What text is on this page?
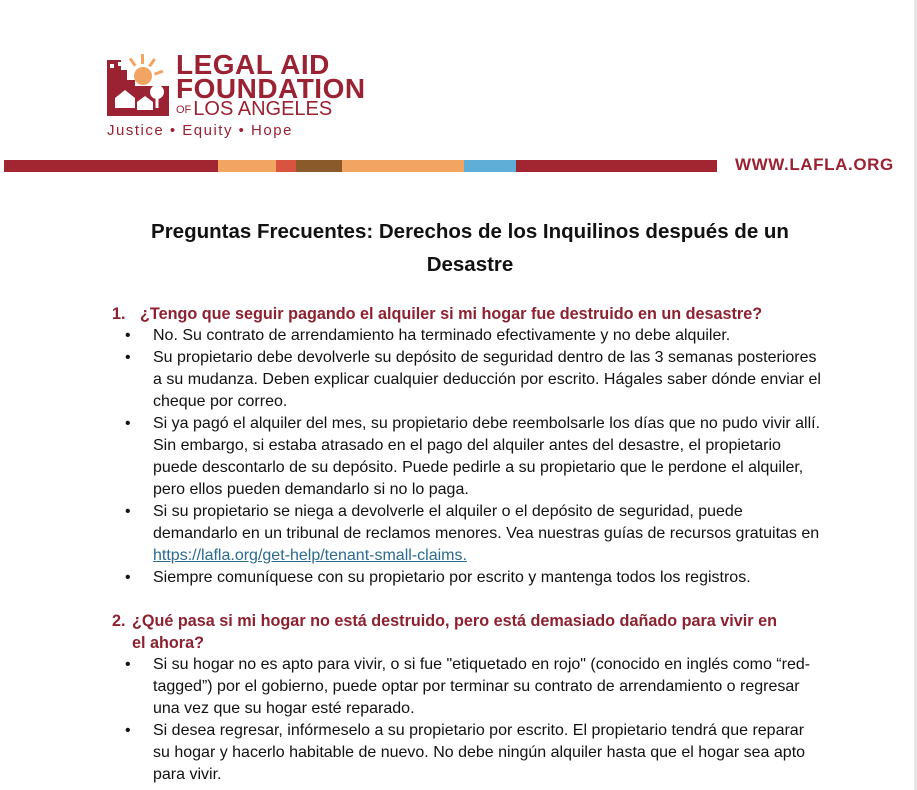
LEGAL AID
FOUNDATION
OF LOS ANGELES
Justice • Equity • Hope
WWW.LAFLA.ORG
Preguntas Frecuentes: Derechos de los Inquilinos después de un Desastre
1. ¿Tengo que seguir pagando el alquiler si mi hogar fue destruido en un desastre?
• No. Su contrato de arrendamiento ha terminado efectivamente y no debe alquiler.
• Su propietario debe devolverle su depósito de seguridad dentro de las 3 semanas posteriores a su mudanza. Deben explicar cualquier deducción por escrito. Hágales saber dónde enviar el cheque por correo.
• Si ya pagó el alquiler del mes, su propietario debe reembolsarle los días que no pudo vivir allí. Sin embargo, si estaba atrasado en el pago del alquiler antes del desastre, el propietario puede descontarlo de su depósito. Puede pedirle a su propietario que le perdone el alquiler, pero ellos pueden demandarlo si no lo paga.
• Si su propietario se niega a devolverle el alquiler o el depósito de seguridad, puede demandarlo en un tribunal de reclamos menores. Vea nuestras guías de recursos gratuitas en https://lafla.org/get-help/tenant-small-claims.
• Siempre comuníquese con su propietario por escrito y mantenga todos los registros.
2. ¿Qué pasa si mi hogar no está destruido, pero está demasiado dañado para vivir en el ahora?
• Si su hogar no es apto para vivir, o si fue "etiquetado en rojo" (conocido en inglés como “red-tagged”) por el gobierno, puede optar por terminar su contrato de arrendamiento o regresar una vez que su hogar esté reparado.
• Si desea regresar, infórmeselo a su propietario por escrito. El propietario tendrá que reparar su hogar y hacerlo habitable de nuevo. No debe ningún alquiler hasta que el hogar sea apto para vivir.
